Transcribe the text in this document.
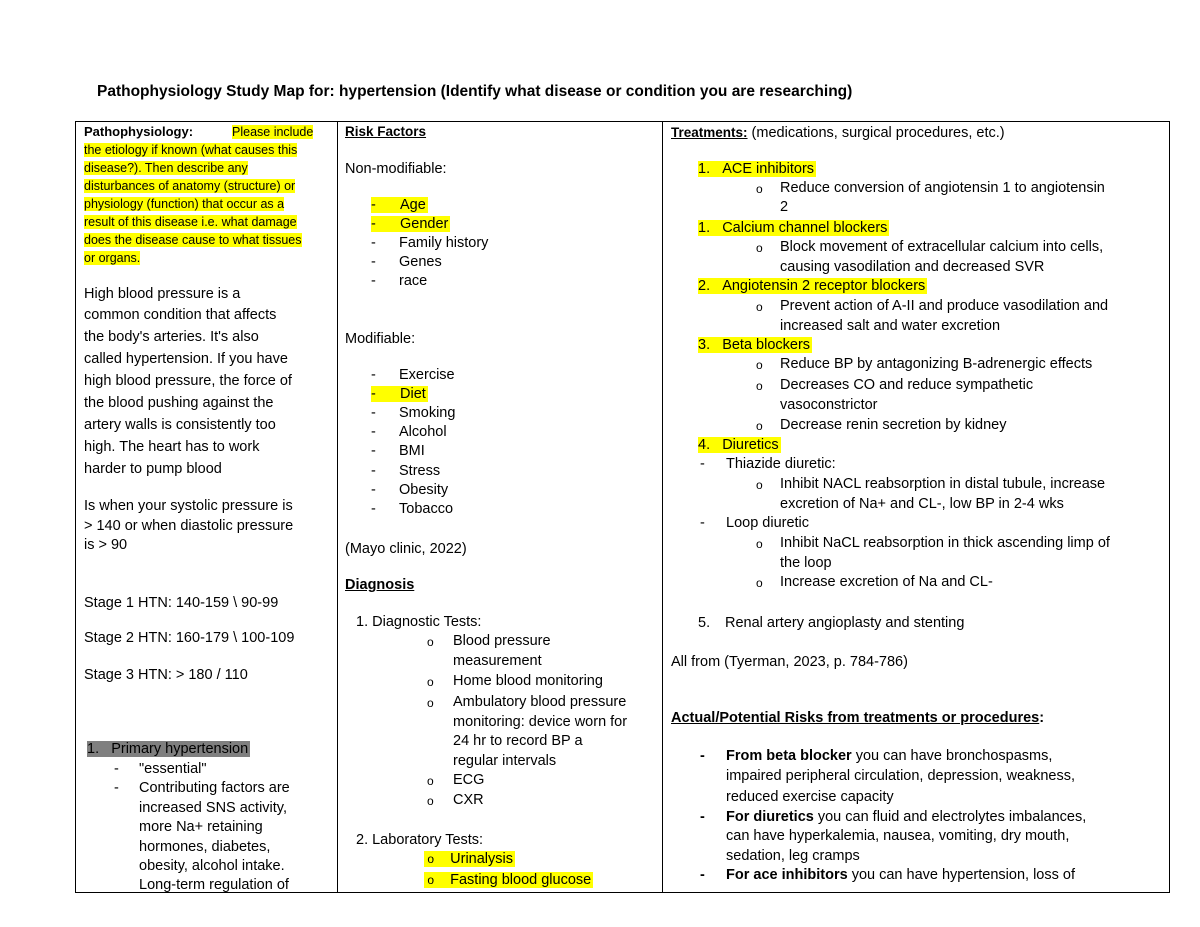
Pathophysiology Study Map for: hypertension (Identify what disease or condition you are researching)
Pathophysiology:	Please include
the etiology if known (what causes this
disease?). Then describe any
disturbances of anatomy (structure) or
physiology (function) that occur as a
result of this disease i.e. what damage
does the disease cause to what tissues
or organs.
High blood pressure is a
common condition that affects
the body's arteries. It's also
called hypertension. If you have
high blood pressure, the force of
the blood pushing against the
artery walls is consistently too
high. The heart has to work
harder to pump blood
Is when your systolic pressure is
> 140 or when diastolic pressure
is > 90
Stage 1 HTN: 140-159 \ 90-99
Stage 2 HTN: 160-179 \ 100-109
Stage 3 HTN: > 180 / 110
1. Primary hypertension
- "essential"
- Contributing factors are
increased SNS activity,
more Na+ retaining
hormones, diabetes,
obesity, alcohol intake.
Long-term regulation of
Risk Factors
Non-modifiable:
-      Age
-      Gender
- Family history
- Genes
- race
Modifiable:
- Exercise
-      Diet
- Smoking
- Alcohol
- BMI
- Stress
- Obesity
- Tobacco
(Mayo clinic, 2022)
Diagnosis
1. Diagnostic Tests:
o Blood pressure
measurement
o Home blood monitoring
o Ambulatory blood pressure
monitoring: device worn for
24 hr to record BP a
regular intervals
o ECG
o CXR
2. Laboratory Tests:
o Urinalysis
o Fasting blood glucose
Treatments: (medications, surgical procedures, etc.)
1. ACE inhibitors
o Reduce conversion of angiotensin 1 to angiotensin
2
1. Calcium channel blockers
o Block movement of extracellular calcium into cells,
causing vasodilation and decreased SVR
2. Angiotensin 2 receptor blockers
o Prevent action of A-II and produce vasodilation and
increased salt and water excretion
3. Beta blockers
o Reduce BP by antagonizing B-adrenergic effects
o Decreases CO and reduce sympathetic
vasoconstrictor
o Decrease renin secretion by kidney
4. Diuretics
- Thiazide diuretic:
o Inhibit NACL reabsorption in distal tubule, increase
excretion of Na+ and CL-, low BP in 2-4 wks
- Loop diuretic
o Inhibit NaCL reabsorption in thick ascending limp of
the loop
o Increase excretion of Na and CL-
5. Renal artery angioplasty and stenting
All from (Tyerman, 2023, p. 784-786)
Actual/Potential Risks from treatments or procedures:
- From beta blocker you can have bronchospasms,
impaired peripheral circulation, depression, weakness,
reduced exercise capacity
- For diuretics you can fluid and electrolytes imbalances,
can have hyperkalemia, nausea, vomiting, dry mouth,
sedation, leg cramps
- For ace inhibitors you can have hypertension, loss of
